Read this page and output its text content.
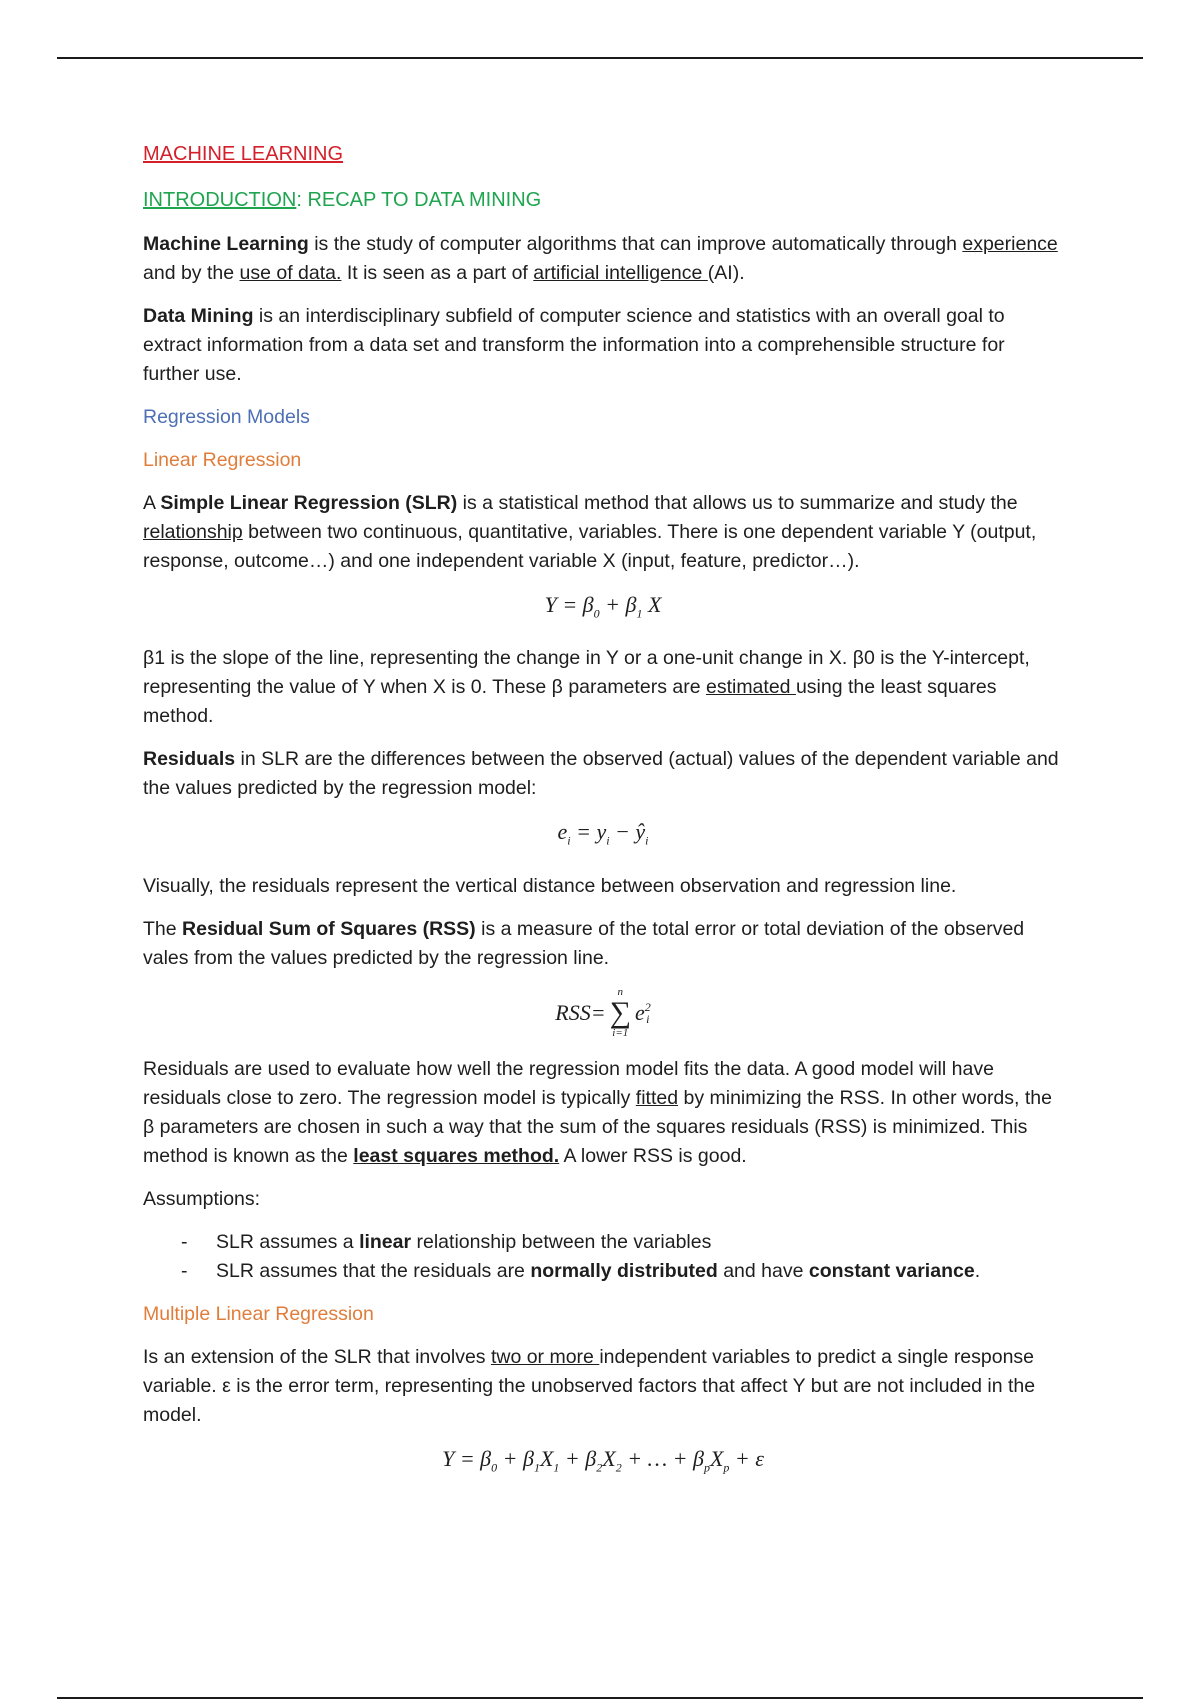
MACHINE LEARNING
INTRODUCTION: RECAP TO DATA MINING

Machine Learning is the study of computer algorithms that can improve automatically through experience and by the use of data. It is seen as a part of artificial intelligence (AI).

Data Mining is an interdisciplinary subfield of computer science and statistics with an overall goal to extract information from a data set and transform the information into a comprehensible structure for further use.

Regression Models
Linear Regression

A Simple Linear Regression (SLR) is a statistical method that allows us to summarize and study the relationship between two continuous, quantitative, variables. There is one dependent variable Y (output, response, outcome…) and one independent variable X (input, feature, predictor…).

$Y = \beta_0 + \beta_1$ X

β1 is the slope of the line, representing the change in Y or a one-unit change in X. β0 is the Y-intercept, representing the value of Y when X is 0. These β parameters are estimated using the least squares method.

Residuals in SLR are the differences between the observed (actual) values of the dependent variable and the values predicted by the regression model:

$e_i = y_i$ − $ŷ_i$

Visually, the residuals represent the vertical distance between observation and regression line.

The Residual Sum of Squares (RSS) is a measure of the total error or total deviation of the observed vales from the values predicted by the regression line.

RSS =
n
∑
i=1
e 2
i

Residuals are used to evaluate how well the regression model fits the data. A good model will have residuals close to zero. The regression model is typically fitted by minimizing the RSS. In other words, the β parameters are chosen in such a way that the sum of the squares residuals (RSS) is minimized. This method is known as the least squares method. A lower RSS is good.

Assumptions:

- SLR assumes a linear relationship between the variables
- SLR assumes that the residuals are normally distributed and have constant variance.
Multiple Linear Regression

Is an extension of the SLR that involves two or more independent variables to predict a single response variable. ε is the error term, representing the unobserved factors that affect Y but are not included in the model.

$Y = \beta_0 + \beta_1X_1 + \beta_2X_2$ + … + $\beta_pX_p + \varepsilon$
